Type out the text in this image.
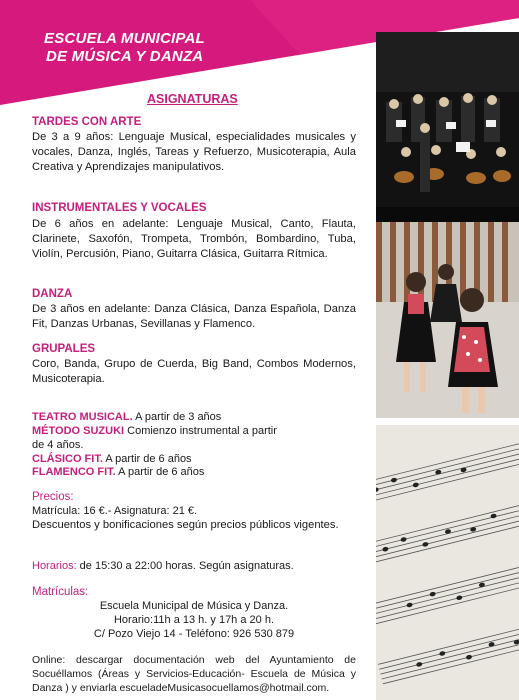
ESCUELA MUNICIPAL
DE MÚSICA Y DANZA
ASIGNATURAS
TARDES CON ARTE
De 3 a 9 años: Lenguaje Musical, especialidades musicales y vocales, Danza, Inglés, Tareas y Refuerzo, Musicoterapia, Aula Creativa y Aprendizajes manipulativos.
INSTRUMENTALES Y VOCALES
De 6 años en adelante: Lenguaje Musical, Canto, Flauta, Clarinete, Saxofón, Trompeta, Trombón, Bombardino, Tuba, Violín, Percusión, Piano, Guitarra Clásica, Guitarra Rítmica.
DANZA
De 3 años en adelante: Danza Clásica, Danza Española, Danza Fit, Danzas Urbanas, Sevillanas y Flamenco.
GRUPALES
Coro, Banda, Grupo de Cuerda, Big Band, Combos Modernos, Musicoterapia.
TEATRO MUSICAL. A partir de 3 años
MÉTODO SUZUKI Comienzo instrumental a partir
de 4 años.
CLÁSICO FIT. A partir de 6 años
FLAMENCO FIT. A partir de 6 años
Precios:
Matrícula: 16 €.- Asignatura: 21 €.
Descuentos y bonificaciones según precios públicos vigentes.
Horarios: de 15:30 a 22:00 horas. Según asignaturas.
Matrículas:
Escuela Municipal de Música y Danza.
Horario:11h a 13 h. y 17h a 20 h.
C/ Pozo Viejo 14 - Teléfono: 926 530 879
Online: descargar documentación web del Ayuntamiento de Socuéllamos (Áreas y Servicios-Educación- Escuela de Música y Danza ) y enviarla escueladeMusicasocuellamos@hotmail.com.
